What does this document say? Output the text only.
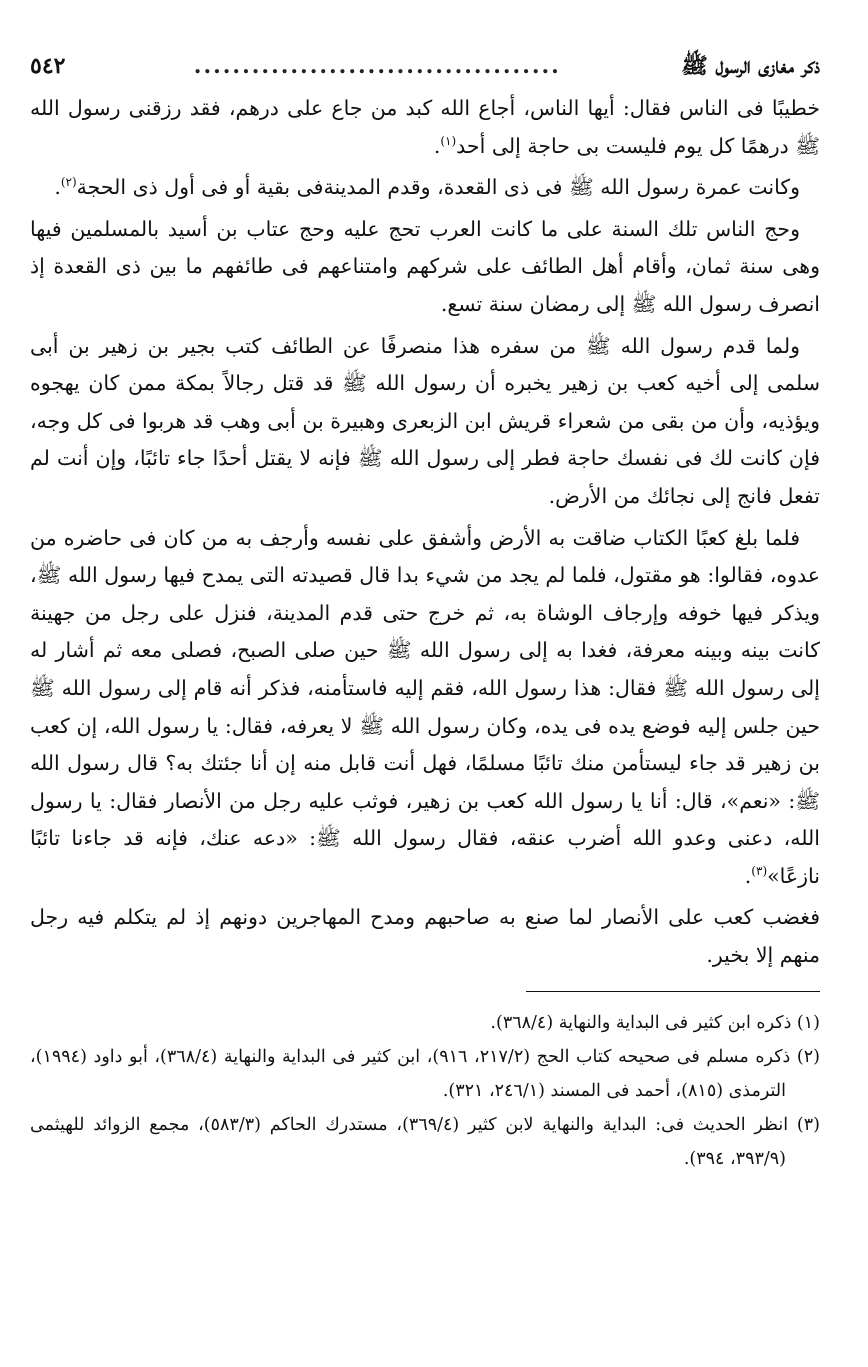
٥٤٢	......................................	ذكر مغازى الرسول ﷺ

خطيبًا فى الناس فقال: أيها الناس، أجاع الله كبد من جاع على درهم، فقد رزقنى رسول الله ﷺ درهمًا كل يوم فليست بى حاجة إلى أحد$^{(١)}$.

وكانت عمرة رسول الله ﷺ فى ذى القعدة، وقدم المدينةفى بقية أو فى أول ذى الحجة$^{(٢)}$.

وحج الناس تلك السنة على ما كانت العرب تحج عليه وحج عتاب بن أسيد بالمسلمين فيها وهى سنة ثمان، وأقام أهل الطائف على شركهم وامتناعهم فى طائفهم ما بين ذى القعدة إذ انصرف رسول الله ﷺ إلى رمضان سنة تسع.

ولما قدم رسول الله ﷺ من سفره هذا منصرفًا عن الطائف كتب بجير بن زهير بن أبى سلمى إلى أخيه كعب بن زهير يخبره أن رسول الله ﷺ قد قتل رجالاً بمكة ممن كان يهجوه ويؤذيه، وأن من بقى من شعراء قريش ابن الزبعرى وهبيرة بن أبى وهب قد هربوا فى كل وجه، فإن كانت لك فى نفسك حاجة فطر إلى رسول الله ﷺ فإنه لا يقتل أحدًا جاء تائبًا، وإن أنت لم تفعل فانج إلى نجائك من الأرض.

فلما بلغ كعبًا الكتاب ضاقت به الأرض وأشفق على نفسه وأرجف به من كان فى حاضره من عدوه، فقالوا: هو مقتول، فلما لم يجد من شيء بدا قال قصيدته التى يمدح فيها رسول الله ﷺ، ويذكر فيها خوفه وإرجاف الوشاة به، ثم خرج حتى قدم المدينة، فنزل على رجل من جهينة كانت بينه وبينه معرفة، فغدا به إلى رسول الله ﷺ حين صلى الصبح، فصلى معه ثم أشار له إلى رسول الله ﷺ فقال: هذا رسول الله، فقم إليه فاستأمنه، فذكر أنه قام إلى رسول الله ﷺ حين جلس إليه فوضع يده فى يده، وكان رسول الله ﷺ لا يعرفه، فقال: يا رسول الله، إن كعب بن زهير قد جاء ليستأمن منك تائبًا مسلمًا، فهل أنت قابل منه إن أنا جئتك به؟ قال رسول الله ﷺ: «نعم»، قال: أنا يا رسول الله كعب بن زهير، فوثب عليه رجل من الأنصار فقال: يا رسول الله، دعنى وعدو الله أضرب عنقه، فقال رسول الله ﷺ: «دعه عنك، فإنه قد جاءنا تائبًا نازعًا»$^{(٣)}$.

فغضب كعب على الأنصار لما صنع به صاحبهم ومدح المهاجرين دونهم إذ لم يتكلم فيه رجل منهم إلا بخير.

(١) ذكره ابن كثير فى البداية والنهاية (٣٦٨/٤).

(٢) ذكره مسلم فى صحيحه كتاب الحج (٢١٧/٢، ٩١٦)، ابن كثير فى البداية والنهاية (٣٦٨/٤)، أبو داود (١٩٩٤)، الترمذى (٨١٥)، أحمد فى المسند (٢٤٦/١، ٣٢١).

(٣) انظر الحديث فى: البداية والنهاية لابن كثير (٣٦٩/٤)، مستدرك الحاكم (٥٨٣/٣)، مجمع الزوائد للهيثمى (٣٩٣/٩، ٣٩٤).
